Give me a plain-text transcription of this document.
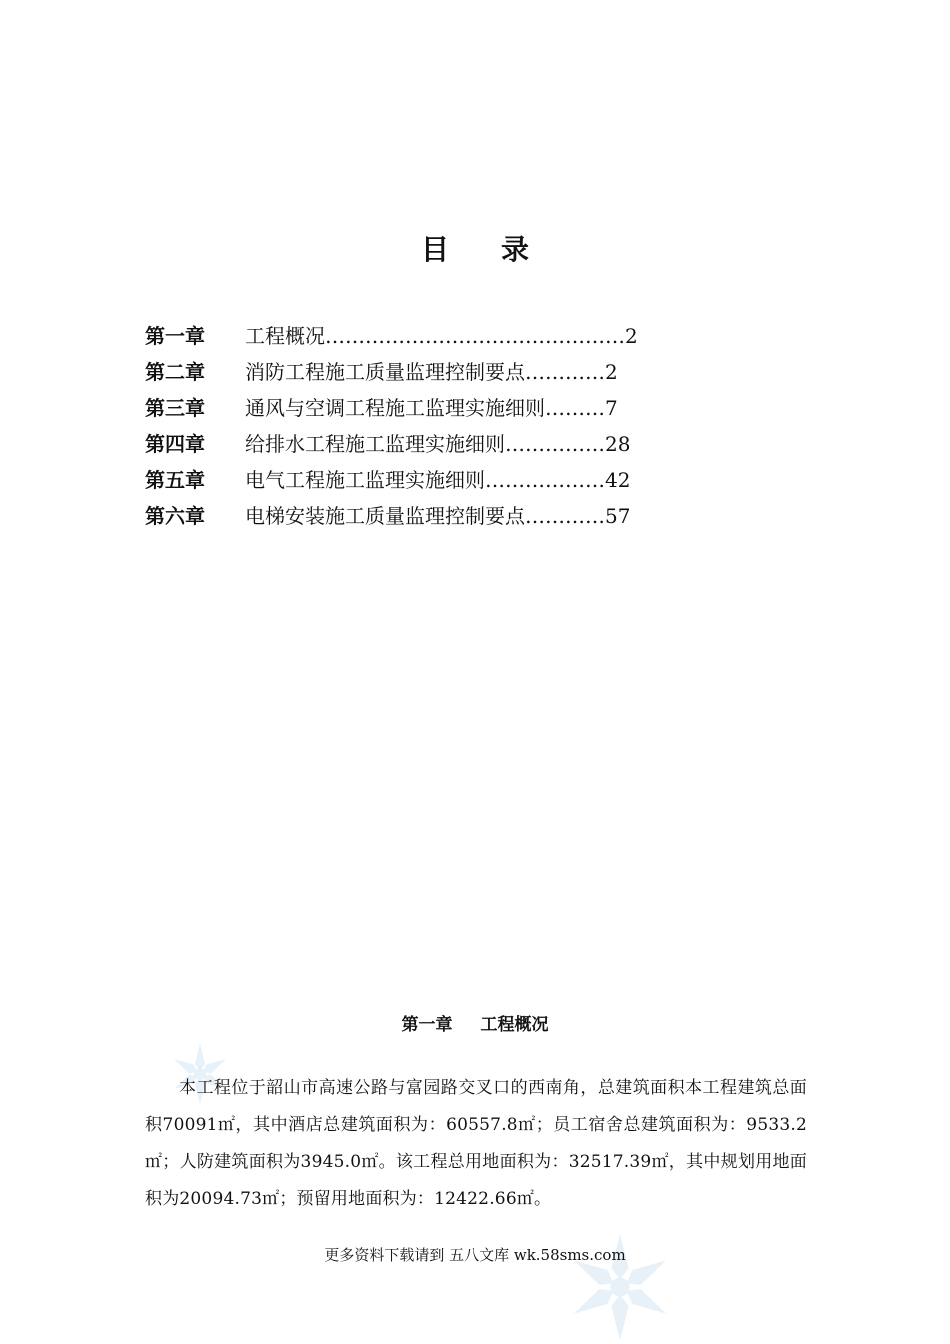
目 录
第一章	工程概况 ……………………………………… 2
第二章	消防工程施工质量监理控制要点 ………… 2
第三章	通风与空调工程施工监理实施细则 ……… 7
第四章	给排水工程施工监理实施细则 …………… 28
第五章	电气工程施工监理实施细则 ……………… 42
第六章	电梯安装施工质量监理控制要点 ………… 57
第一章 工程概况

本工程位于韶山市高速公路与富园路交叉口的西南角，总建筑面积本工程建筑总面积70091㎡，其中酒店总建筑面积为：60557.8㎡；员工宿舍总建筑面积为：9533.2㎡；人防建筑面积为3945.0㎡。该工程总用地面积为：32517.39㎡，其中规划用地面积为20094.73㎡；预留用地面积为：12422.66㎡。

更多资料下载请到 五八文库 wk.58sms.com
